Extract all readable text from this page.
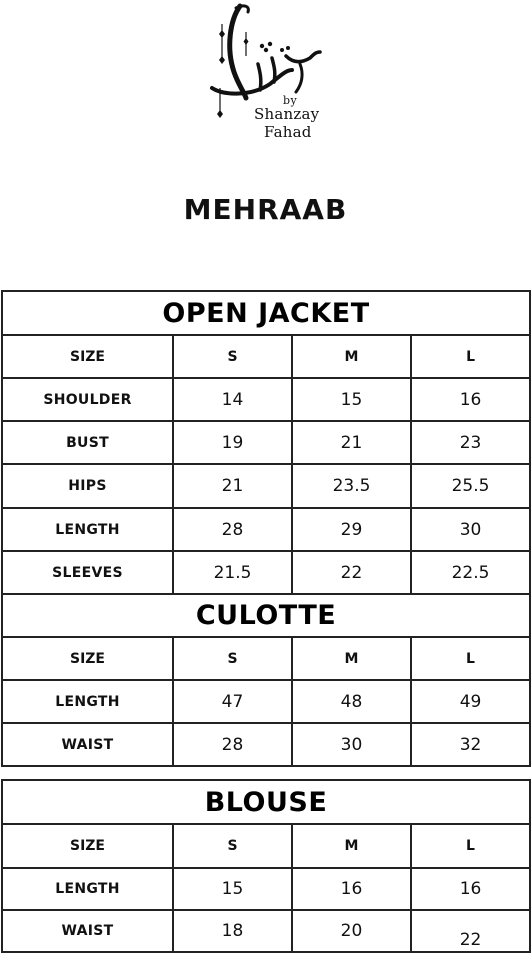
by
Shanzay
Fahad
MEHRAAB
OPEN JACKET			
SIZE	S	M	L
SHOULDER	14	15	16
BUST	19	21	23
HIPS	21	23.5	25.5
LENGTH	28	29	30
SLEEVES	21.5	22	22.5
CULOTTE			
SIZE	S	M	L
LENGTH	47	48	49
WAIST	28	30	32
BLOUSE			
SIZE	S	M	L
LENGTH	15	16	16
WAIST	18	20	22
